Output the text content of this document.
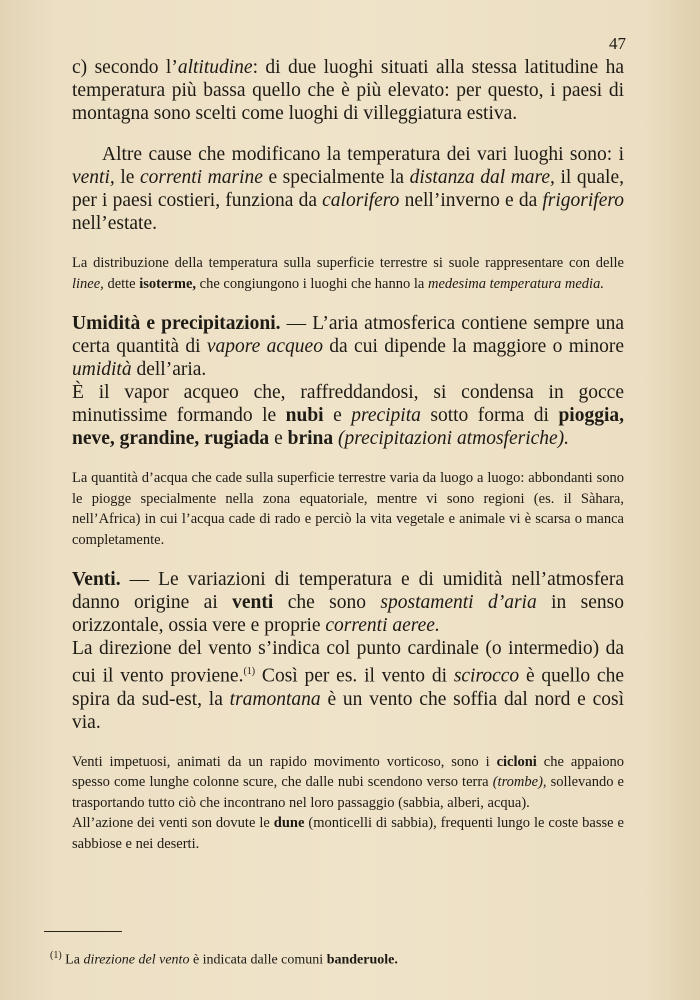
47

c) secondo l’altitudine: di due luoghi situati alla stessa latitudine ha temperatura più bassa quello che è più elevato: per questo, i paesi di montagna sono scelti come luoghi di villeggiatura estiva.

Altre cause che modificano la temperatura dei vari luoghi sono: i venti, le correnti marine e specialmente la distanza dal mare, il quale, per i paesi costieri, funziona da calorifero nell’inverno e da frigorifero nell’estate.

La distribuzione della temperatura sulla superficie terrestre si suole rappresentare con delle linee, dette isoterme, che congiungono i luoghi che hanno la medesima temperatura media.

Umidità e precipitazioni. — L’aria atmosferica contiene sempre una certa quantità di vapore acqueo da cui dipende la maggiore o minore umidità dell’aria.

È il vapor acqueo che, raffreddandosi, si condensa in gocce minutissime formando le nubi e precipita sotto forma di pioggia, neve, grandine, rugiada e brina (precipitazioni atmosferiche).

La quantità d’acqua che cade sulla superficie terrestre varia da luogo a luogo: abbondanti sono le piogge specialmente nella zona equatoriale, mentre vi sono regioni (es. il Sàhara, nell’Africa) in cui l’acqua cade di rado e perciò la vita vegetale e animale vi è scarsa o manca completamente.

Venti. — Le variazioni di temperatura e di umidità nell’atmosfera danno origine ai venti che sono spostamenti d’aria in senso orizzontale, ossia vere e proprie correnti aeree.

La direzione del vento s’indica col punto cardinale (o intermedio) da cui il vento proviene.$^{(1)}$ Così per es. il vento di scirocco è quello che spira da sud-est, la tramontana è un vento che soffia dal nord e così via.

Venti impetuosi, animati da un rapido movimento vorticoso, sono i cicloni che appaiono spesso come lunghe colonne scure, che dalle nubi scendono verso terra (trombe), sollevando e trasportando tutto ciò che incontrano nel loro passaggio (sabbia, alberi, acqua).

All’azione dei venti son dovute le dune (monticelli di sabbia), frequenti lungo le coste basse e sabbiose e nei deserti.

$^{(1)}$ La direzione del vento è indicata dalle comuni banderuole.
